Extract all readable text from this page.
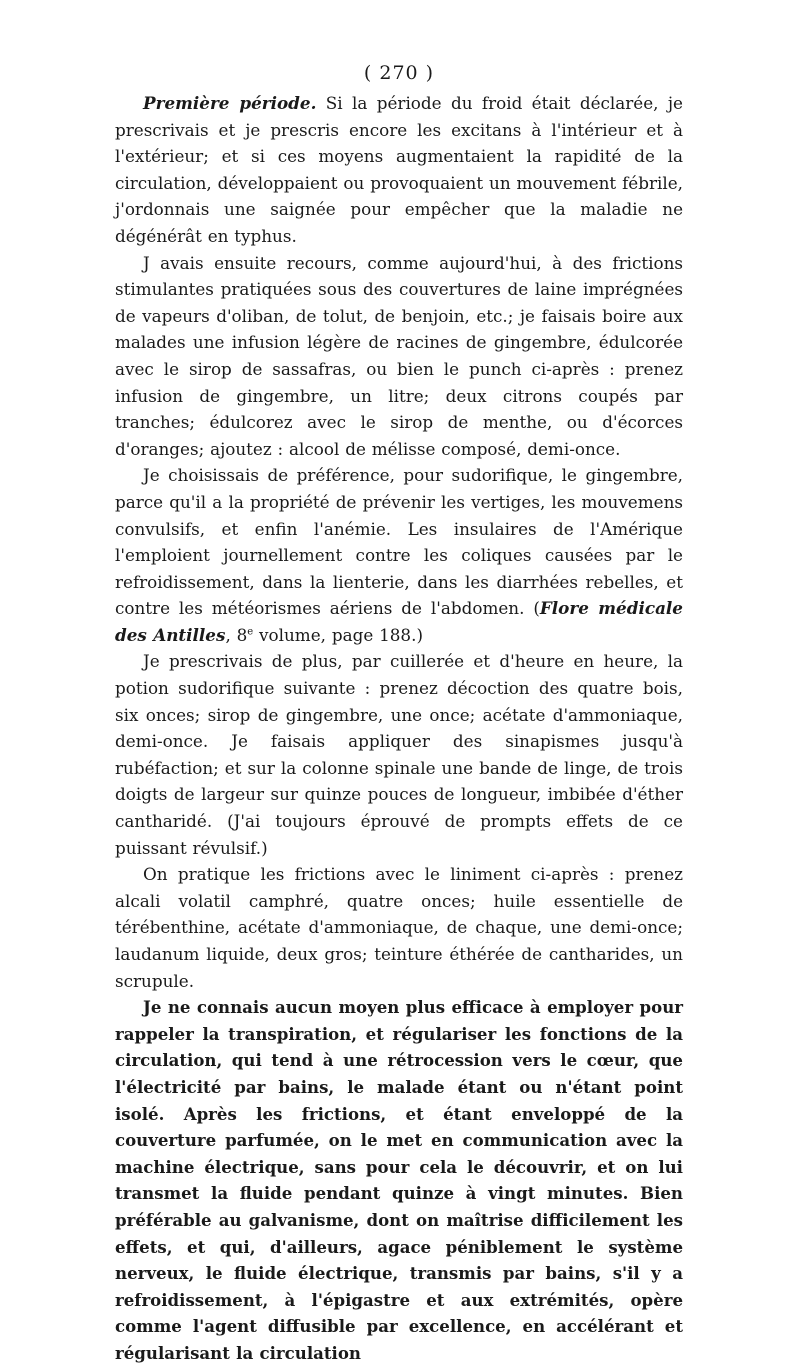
( 270 )

Première période. Si la période du froid était déclarée, je prescrivais et je prescris encore les excitans à l'intérieur et à l'extérieur; et si ces moyens augmentaient la rapidité de la circulation, développaient ou provoquaient un mouvement fébrile, j'ordonnais une saignée pour empêcher que la maladie ne dégénérât en typhus.

J avais ensuite recours, comme aujourd'hui, à des frictions stimulantes pratiquées sous des couvertures de laine imprégnées de vapeurs d'oliban, de tolut, de benjoin, etc.; je faisais boire aux malades une infusion légère de racines de gingembre, édulcorée avec le sirop de sassafras, ou bien le punch ci-après : prenez infusion de gingembre, un litre; deux citrons coupés par tranches; édulcorez avec le sirop de menthe, ou d'écorces d'oranges; ajoutez : alcool de mélisse composé, demi-once.

Je choisissais de préférence, pour sudorifique, le gingembre, parce qu'il a la propriété de prévenir les vertiges, les mouvemens convulsifs, et enfin l'anémie. Les insulaires de l'Amérique l'emploient journellement contre les coliques causées par le refroidissement, dans la lienterie, dans les diarrhées rebelles, et contre les météorismes aériens de l'abdomen. (Flore médicale des Antilles, 8e volume, page 188.)

Je prescrivais de plus, par cuillerée et d'heure en heure, la potion sudorifique suivante : prenez décoction des quatre bois, six onces; sirop de gingembre, une once; acétate d'ammoniaque, demi-once. Je faisais appliquer des sinapismes jusqu'à rubéfaction; et sur la colonne spinale une bande de linge, de trois doigts de largeur sur quinze pouces de longueur, imbibée d'éther cantharidé. (J'ai toujours éprouvé de prompts effets de ce puissant révulsif.)

On pratique les frictions avec le liniment ci-après : prenez alcali volatil camphré, quatre onces; huile essentielle de térébenthine, acétate d'ammoniaque, de chaque, une demi-once; laudanum liquide, deux gros; teinture éthérée de cantharides, un scrupule.

Je ne connais aucun moyen plus efficace à employer pour rappeler la transpiration, et régulariser les fonctions de la circulation, qui tend à une rétrocession vers le cœur, que l'électricité par bains, le malade étant ou n'étant point isolé. Après les frictions, et étant enveloppé de la couverture parfumée, on le met en communication avec la machine électrique, sans pour cela le découvrir, et on lui transmet la fluide pendant quinze à vingt minutes. Bien préférable au galvanisme, dont on maîtrise difficilement les effets, et qui, d'ailleurs, agace péniblement le système nerveux, le fluide électrique, transmis par bains, s'il y a refroidissement, à l'épigastre et aux extrémités, opère comme l'agent diffusible par excellence, en accélérant et régularisant la circulation
